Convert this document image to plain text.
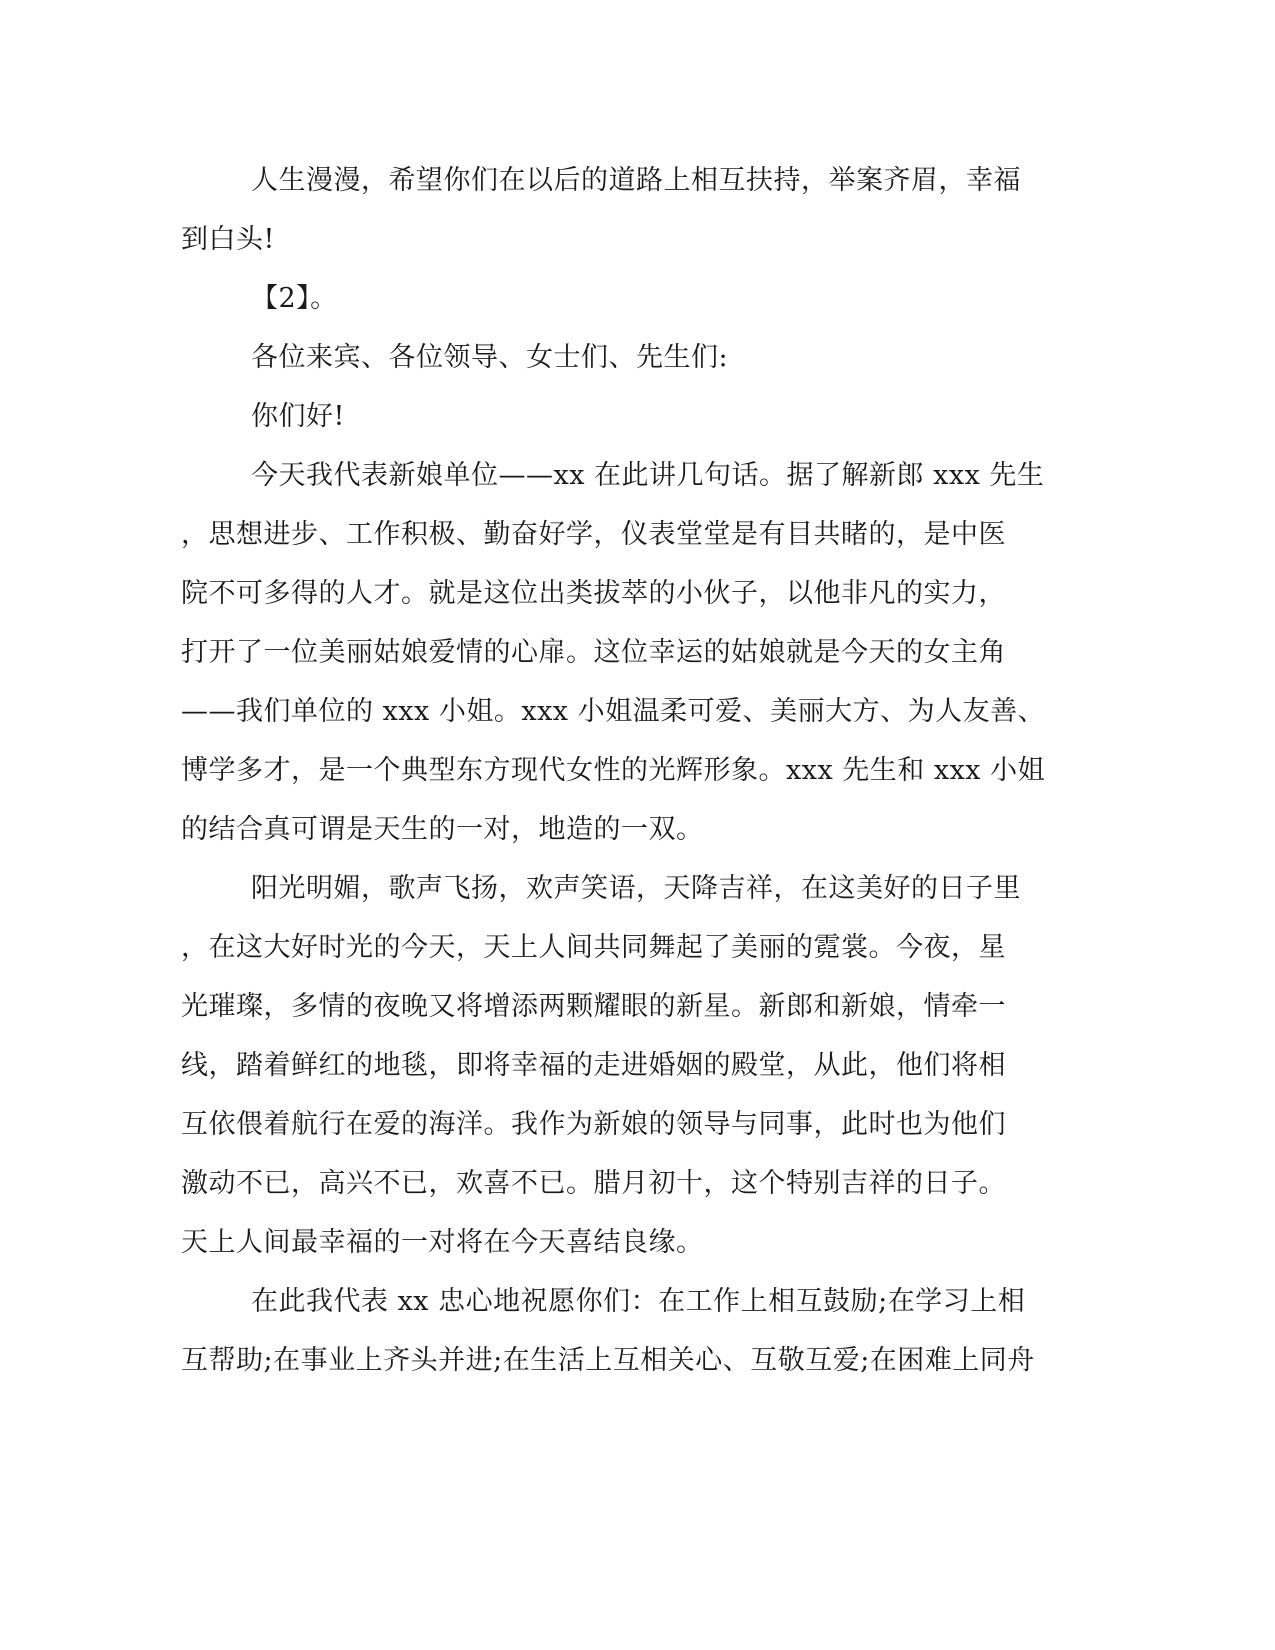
人生漫漫，希望你们在以后的道路上相互扶持，举案齐眉，幸福

到白头!

【2】。

各位来宾、各位领导、女士们、先生们:

你们好!

今天我代表新娘单位——xx 在此讲几句话。据了解新郎 xxx 先生

，思想进步、工作积极、勤奋好学，仪表堂堂是有目共睹的，是中医

院不可多得的人才。就是这位出类拔萃的小伙子，以他非凡的实力，

打开了一位美丽姑娘爱情的心扉。这位幸运的姑娘就是今天的女主角

——我们单位的 xxx 小姐。xxx 小姐温柔可爱、美丽大方、为人友善、

博学多才，是一个典型东方现代女性的光辉形象。xxx 先生和 xxx 小姐

的结合真可谓是天生的一对，地造的一双。

阳光明媚，歌声飞扬，欢声笑语，天降吉祥，在这美好的日子里

，在这大好时光的今天，天上人间共同舞起了美丽的霓裳。今夜，星

光璀璨，多情的夜晚又将增添两颗耀眼的新星。新郎和新娘，情牵一

线，踏着鲜红的地毯，即将幸福的走进婚姻的殿堂，从此，他们将相

互依偎着航行在爱的海洋。我作为新娘的领导与同事，此时也为他们

激动不已，高兴不已，欢喜不已。腊月初十，这个特别吉祥的日子。

天上人间最幸福的一对将在今天喜结良缘。

在此我代表 xx 忠心地祝愿你们：在工作上相互鼓励;在学习上相

互帮助;在事业上齐头并进;在生活上互相关心、互敬互爱;在困难上同舟
